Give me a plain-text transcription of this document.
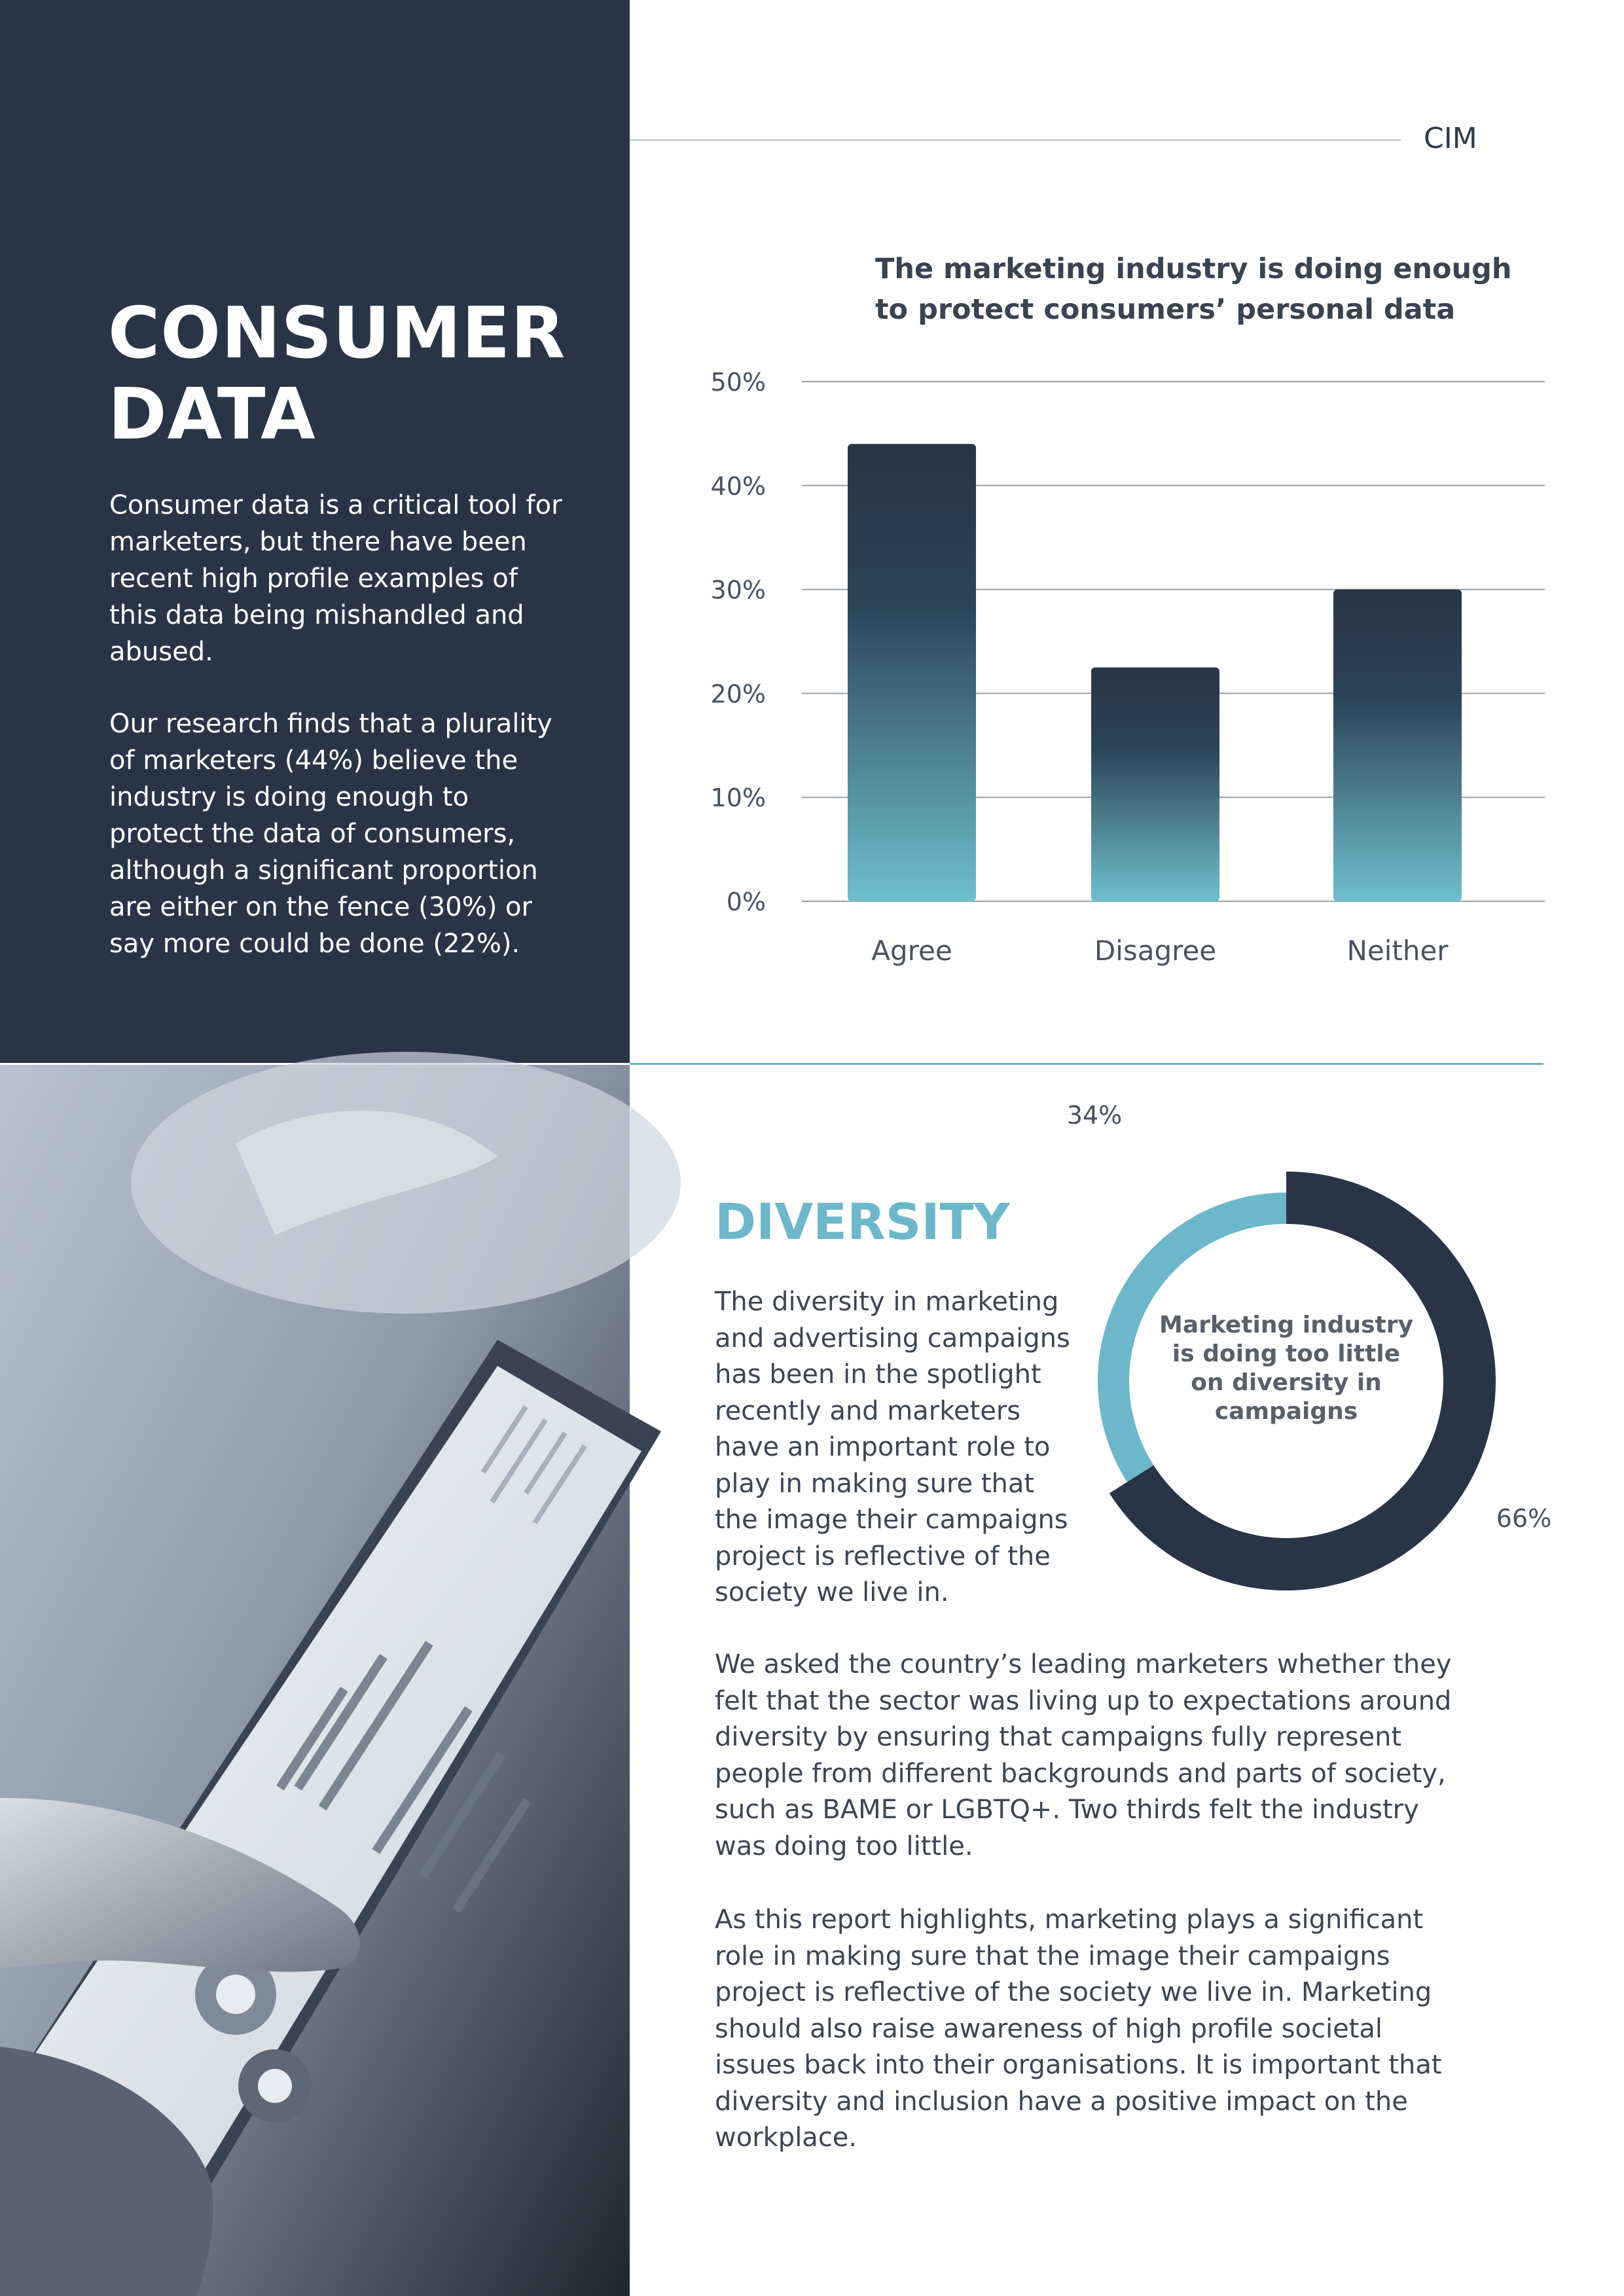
CONSUMER
DATA

Consumer data is a critical tool for marketers, but there have been recent high profile examples of this data being mishandled and abused.

Our research finds that a plurality of marketers (44%) believe the industry is doing enough to protect the data of consumers, although a significant proportion are either on the fence (30%) or say more could be done (22%).

CIM
The marketing industry is doing enough
to protect consumers’ personal data
0%
10%
20%
30%
40%
50%
Agree	Disagree	Neither
DIVERSITY

The diversity in marketing and advertising campaigns has been in the spotlight recently and marketers have an important role to play in making sure that the image their campaigns project is reflective of the society we live in.

We asked the country’s leading marketers whether they felt that the sector was living up to expectations around diversity by ensuring that campaigns fully represent people from different backgrounds and parts of society, such as BAME or LGBTQ+. Two thirds felt the industry was doing too little.

As this report highlights, marketing plays a significant role in making sure that the image their campaigns project is reflective of the society we live in. Marketing should also raise awareness of high profile societal issues back into their organisations. It is important that diversity and inclusion have a positive impact on the workplace.

66%
34%
Marketing industry is doing too little on diversity in campaigns
